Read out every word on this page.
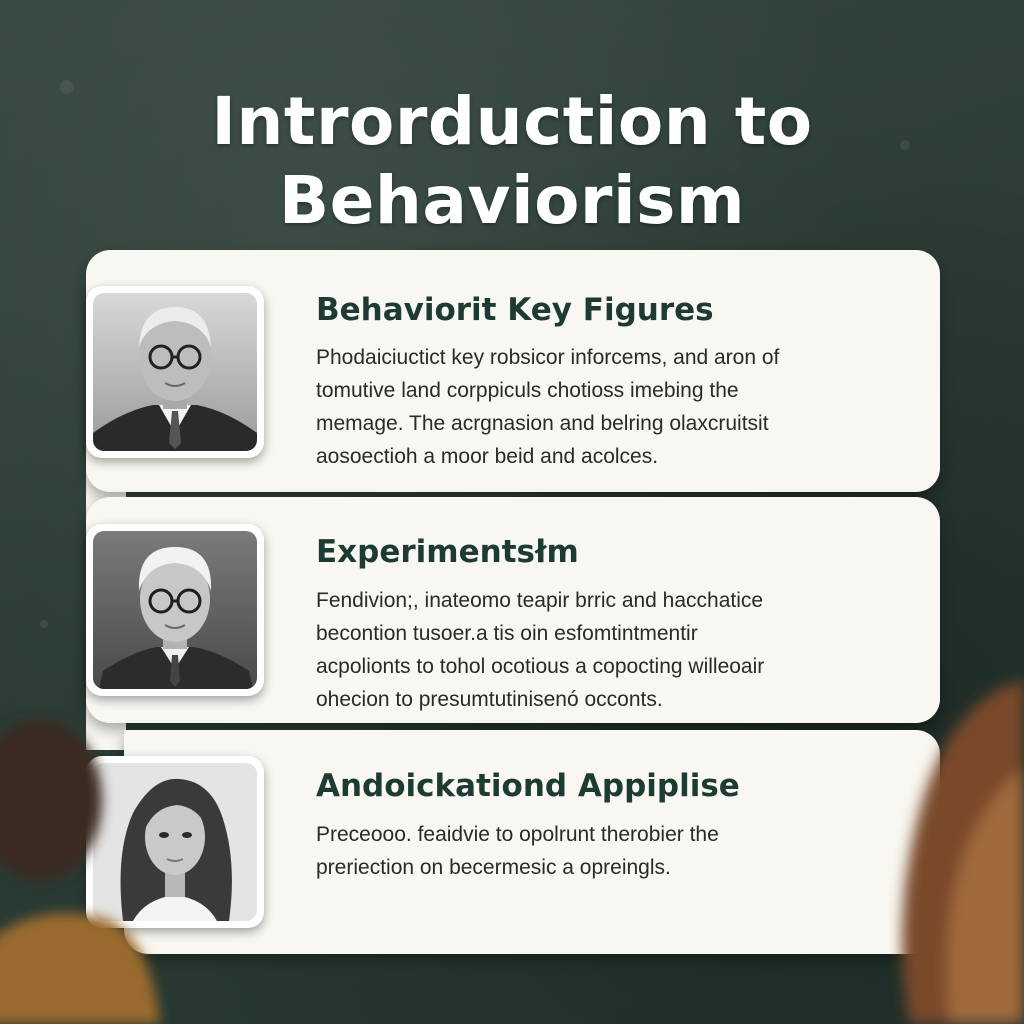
Introrduction to
Behaviorism
Behaviorit Key Figures
Phodaiciuctict key robsicor inforcems, and aron of
tomutive land corppiculs chotioss imebing the
memage. The acrgnasion and belring olaxcruitsit
aosoectioh a moor beid and acolces.
Experimentsłm
Fendivion;, inateomo teapir brric and hacchatice
becontion tusoer.a tis oin esfomtintmentir
acpolionts to tohol ocotious a copocting willeoair
ohecion to presumtutinisenó occonts.
Andoickationd Appiplise
Preceooo. feaidvie to opolrunt therobier the
preriection on becermesic a opreingls.
